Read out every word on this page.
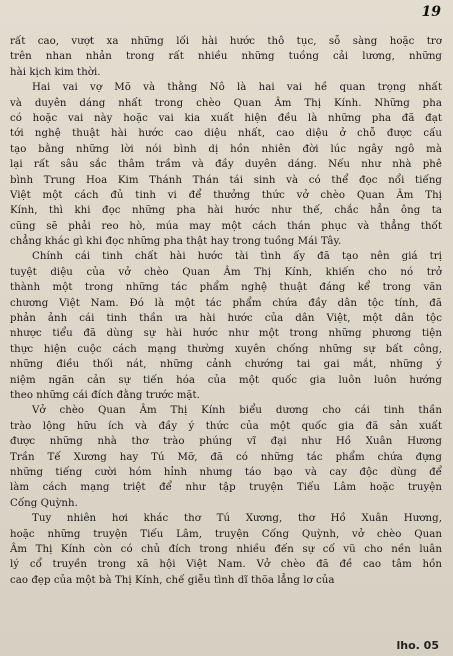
19
rất cao, vượt xa những lối hài hước thô tục, sỗ sàng hoặc trơ
trên nhan nhản trong rất nhiều những tuồng cải lương, những
hài kịch kim thời.
Hai vai vợ Mõ và thằng Nô là hai vai hề quan trọng nhất
và duyên dáng nhất trong chèo Quan Âm Thị Kính. Những pha
có hoặc vai này hoặc vai kia xuất hiện đều là những pha đã đạt
tới nghệ thuật hài hước cao diệu nhất, cao diệu ở chỗ được cấu
tạo bằng những lời nói bình dị hồn nhiên đời lúc ngây ngô mà
lại rất sâu sắc thâm trầm và đầy duyên dáng. Nếu như nhà phê
bình Trung Hoa Kim Thánh Thán tái sinh và có thể đọc nổi tiếng
Việt một cách đủ tinh vi để thưởng thức vở chèo Quan Âm Thị
Kính, thì khi đọc những pha hài hước như thế, chắc hẳn ông ta
cũng sẽ phải reo hò, múa may một cách thán phục và thẳng thốt
chẳng khác gì khi đọc những pha thật hay trong tuồng Mái Tây.
Chính cái tinh chất hài hước tài tình ấy đã tạo nên giá trị
tuyệt diệu của vở chèo Quan Âm Thị Kính, khiến cho nó trở
thành một trong những tác phẩm nghệ thuật đáng kể trong văn
chương Việt Nam. Đó là một tác phẩm chứa đầy dân tộc tính, đã
phản ảnh cái tinh thần ưa hài hước của dân Việt, một dân tộc
nhược tiểu đã dùng sự hài hước như một trong những phương tiện
thực hiện cuộc cách mạng thường xuyên chống những sự bất công,
những điều thối nát, những cảnh chướng tai gai mắt, những ý
niệm ngăn cản sự tiến hóa của một quốc gia luôn luôn hướng
theo những cái đích đằng trước mặt.
Vở chèo Quan Âm Thị Kính biểu dương cho cái tinh thần
trào lộng hữu ích và đầy ý thức của một quốc gia đã sản xuất
được những nhà thơ trào phúng vĩ đại như Hồ Xuân Hương
Trần Tế Xương hay Tú Mỡ, đã có những tác phẩm chứa đựng
những tiếng cười hóm hỉnh nhưng táo bạo và cay độc dùng để
làm cách mạng triệt để như tập truyện Tiếu Lâm hoặc truyện
Cống Quỳnh.
Tuy nhiên hơi khác thơ Tú Xương, thơ Hồ Xuân Hương,
hoặc những truyện Tiếu Lâm, truyện Cống Quỳnh, vở chèo Quan
Âm Thị Kính còn có chủ đích trong nhiều đến sự cố vũ cho nền luân
lý cổ truyền trong xã hội Việt Nam. Vở chèo đã đề cao tâm hồn
cao đẹp của một bà Thị Kính, chế giễu tình dĩ thõa lẳng lơ của
lho. 05
